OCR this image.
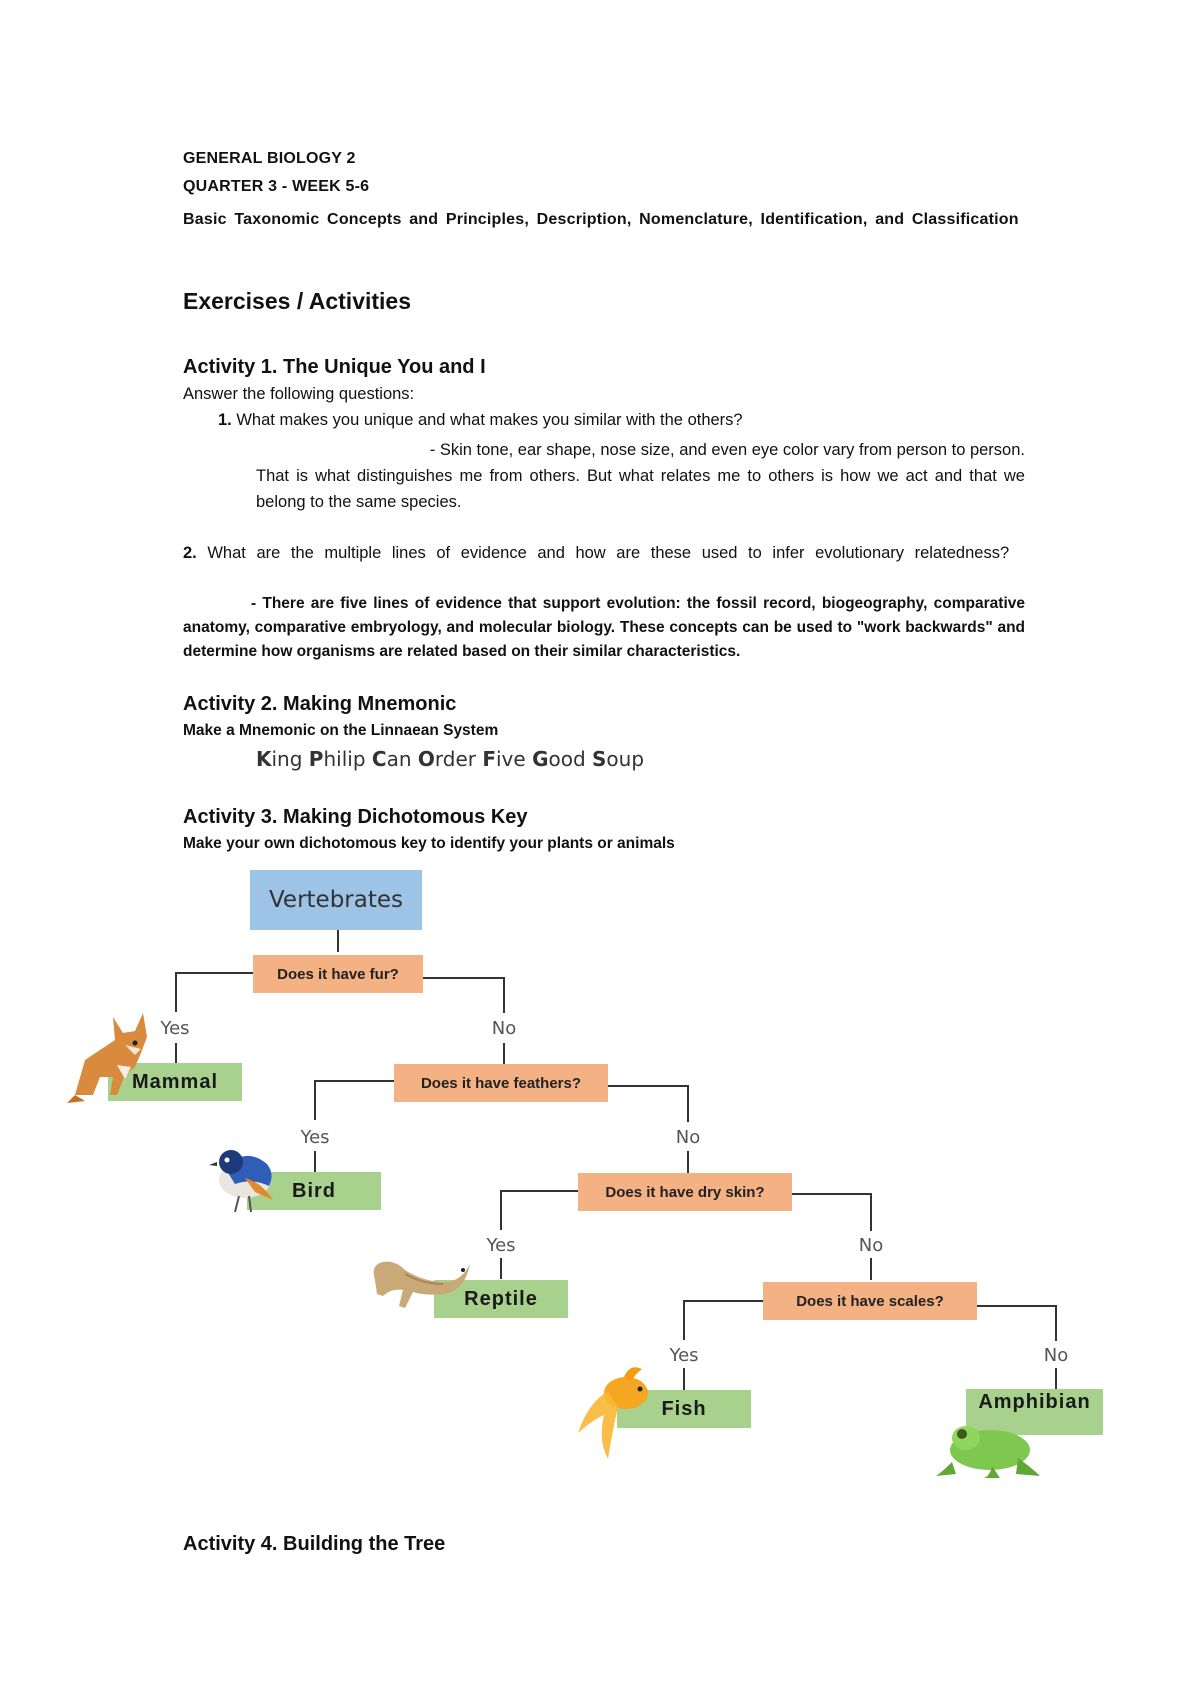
GENERAL BIOLOGY 2
QUARTER 3 - WEEK 5-6
Basic Taxonomic Concepts and Principles, Description, Nomenclature, Identification, and Classification
Exercises / Activities
Activity 1. The Unique You and I
Answer the following questions:
1. What makes you unique and what makes you similar with the others?
- Skin tone, ear shape, nose size, and even eye color vary from person to person.
That is what distinguishes me from others. But what relates me to others is how we act and that we belong to the same species.
2. What are the multiple lines of evidence and how are these used to infer evolutionary relatedness?
- There are five lines of evidence that support evolution: the fossil record, biogeography, comparative anatomy, comparative embryology, and molecular biology. These concepts can be used to "work backwards" and determine how organisms are related based on their similar characteristics.
Activity 2. Making Mnemonic
Make a Mnemonic on the Linnaean System
King Philip Can Order Five Good Soup
Activity 3. Making Dichotomous Key
Make your own dichotomous key to identify your plants or animals
Vertebrates
Does it have fur?
Does it have feathers?
Does it have dry skin?
Does it have scales?
Yes	No
Yes	No
Yes	No
Yes	No
Mammal
Bird
Reptile
Fish	Amphibian
Activity 4. Building the Tree
